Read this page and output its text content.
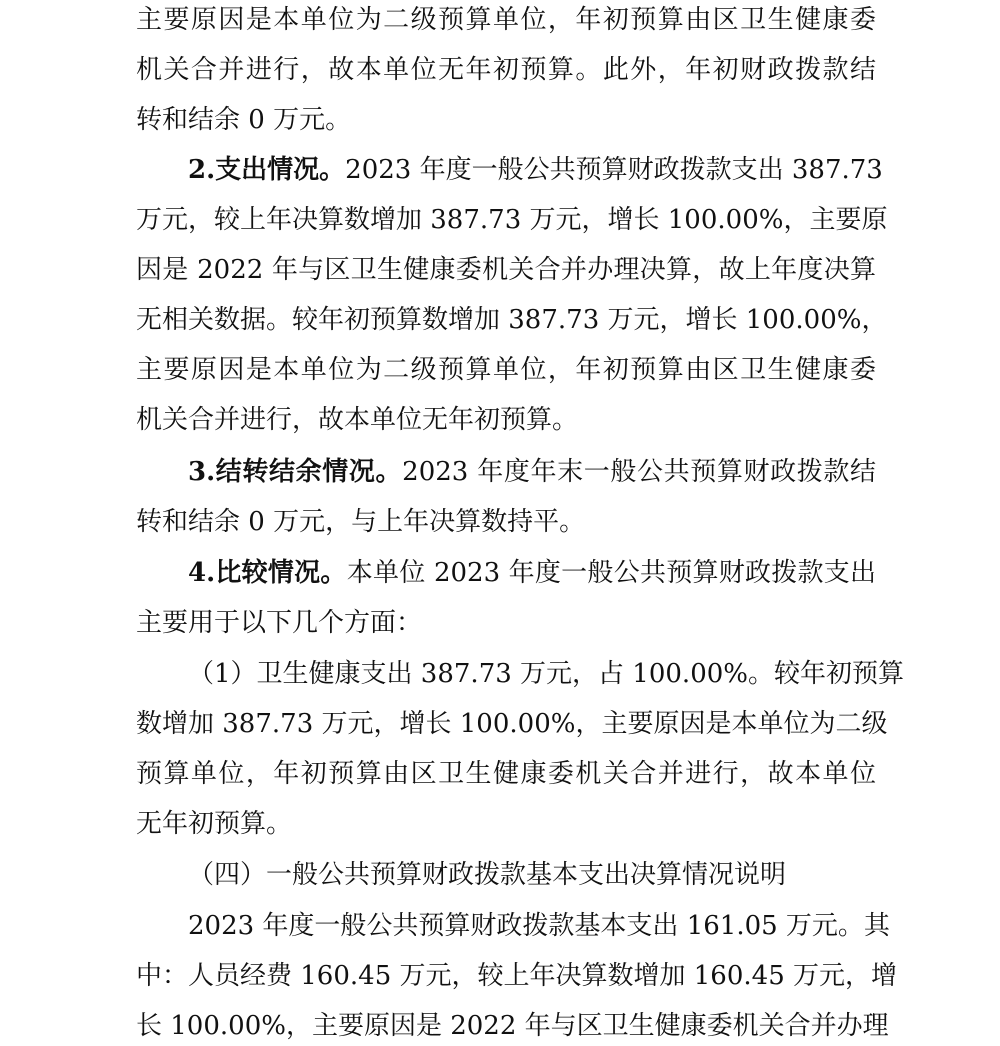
主要原因是本单位为二级预算单位，年初预算由区卫生健康委
机关合并进行，故本单位无年初预算。此外，年初财政拨款结
转和结余 0 万元。
2.支出情况。2023 年度一般公共预算财政拨款支出 387.73
万元，较上年决算数增加 387.73 万元，增长 100.00%，主要原
因是 2022 年与区卫生健康委机关合并办理决算，故上年度决算
无相关数据。较年初预算数增加 387.73 万元，增长 100.00%，
主要原因是本单位为二级预算单位，年初预算由区卫生健康委
机关合并进行，故本单位无年初预算。
3.结转结余情况。2023 年度年末一般公共预算财政拨款结
转和结余 0 万元，与上年决算数持平。
4.比较情况。本单位 2023 年度一般公共预算财政拨款支出
主要用于以下几个方面：
（1）卫生健康支出 387.73 万元，占 100.00%。较年初预算
数增加 387.73 万元，增长 100.00%，主要原因是本单位为二级
预算单位，年初预算由区卫生健康委机关合并进行，故本单位
无年初预算。
（四）一般公共预算财政拨款基本支出决算情况说明
2023 年度一般公共预算财政拨款基本支出 161.05 万元。其
中：人员经费 160.45 万元，较上年决算数增加 160.45 万元，增
长 100.00%，主要原因是 2022 年与区卫生健康委机关合并办理
